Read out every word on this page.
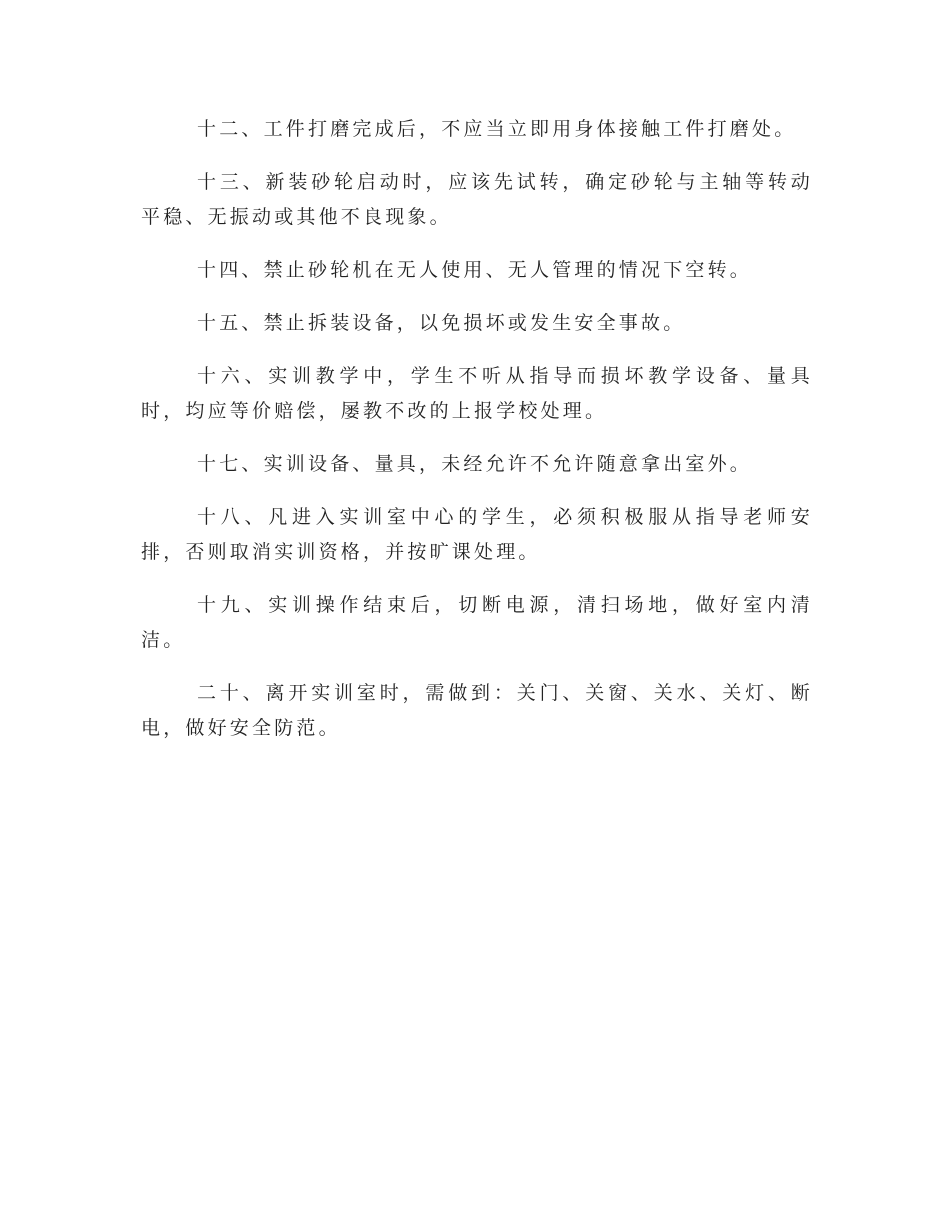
十二、工件打磨完成后，不应当立即用身体接触工件打磨处。

十三、新装砂轮启动时，应该先试转，确定砂轮与主轴等转动平稳、无振动或其他不良现象。

十四、禁止砂轮机在无人使用、无人管理的情况下空转。

十五、禁止拆装设备，以免损坏或发生安全事故。

十六、实训教学中，学生不听从指导而损坏教学设备、量具时，均应等价赔偿，屡教不改的上报学校处理。

十七、实训设备、量具，未经允许不允许随意拿出室外。

十八、凡进入实训室中心的学生，必须积极服从指导老师安排，否则取消实训资格，并按旷课处理。

十九、实训操作结束后，切断电源，清扫场地，做好室内清洁。

二十、离开实训室时，需做到：关门、关窗、关水、关灯、断电，做好安全防范。
